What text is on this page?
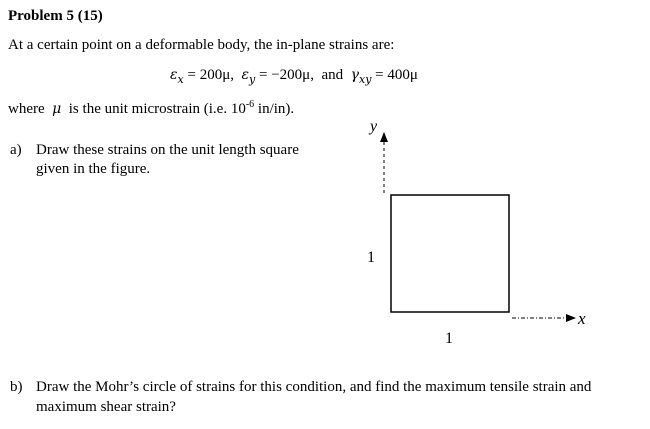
Problem 5 (15)
At a certain point on a deformable body, the in-plane strains are:
$\varepsilon_x = 200\mu$, $\varepsilon_y = -200\mu$, and $\gamma_{xy} = 400\mu$
where μ is the unit microstrain (i.e. $10^{-6}$ in/in).
a) Draw these strains on the unit length square
given in the figure.
y
x
1
1
b) Draw the Mohr’s circle of strains for this condition, and find the maximum tensile strain and
maximum shear strain?
